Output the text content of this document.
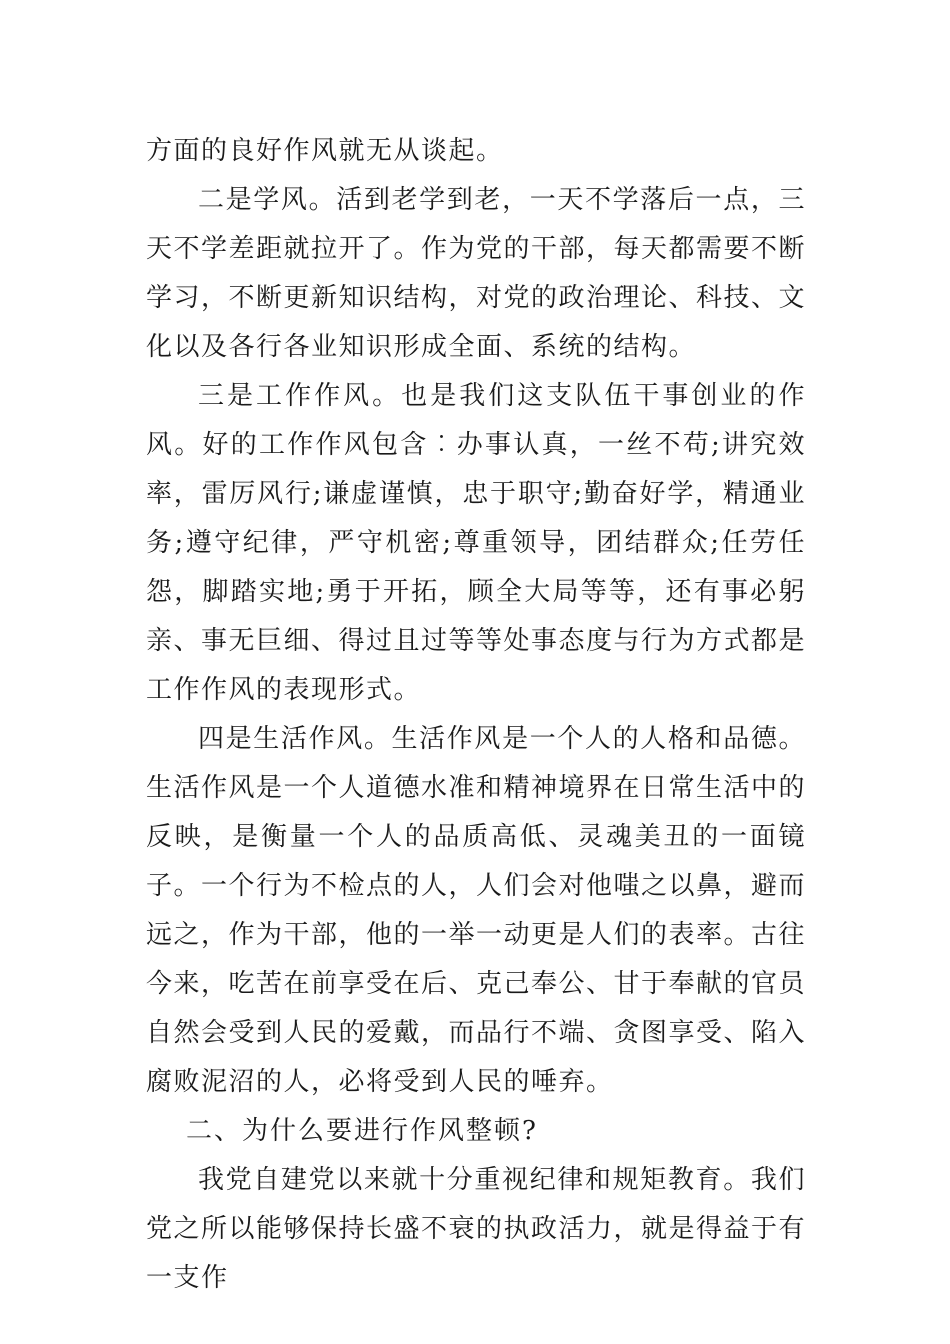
方面的良好作风就无从谈起。

二是学风。活到老学到老，一天不学落后一点，三天不学差距就拉开了。作为党的干部，每天都需要不断学习，不断更新知识结构，对党的政治理论、科技、文化以及各行各业知识形成全面、系统的结构。

三是工作作风。也是我们这支队伍干事创业的作风。好的工作作风包含︰办事认真，一丝不苟;讲究效率，雷厉风行;谦虚谨慎，忠于职守;勤奋好学，精通业务;遵守纪律，严守机密;尊重领导，团结群众;任劳任怨，脚踏实地;勇于开拓，顾全大局等等，还有事必躬亲、事无巨细、得过且过等等处事态度与行为方式都是工作作风的表现形式。

四是生活作风。生活作风是一个人的人格和品德。生活作风是一个人道德水准和精神境界在日常生活中的反映，是衡量一个人的品质高低、灵魂美丑的一面镜子。一个行为不检点的人，人们会对他嗤之以鼻，避而远之，作为干部，他的一举一动更是人们的表率。古往今来，吃苦在前享受在后、克己奉公、甘于奉献的官员自然会受到人民的爱戴，而品行不端、贪图享受、陷入腐败泥沼的人，必将受到人民的唾弃。

二、为什么要进行作风整顿?

我党自建党以来就十分重视纪律和规矩教育。我们党之所以能够保持长盛不衰的执政活力，就是得益于有一支作
